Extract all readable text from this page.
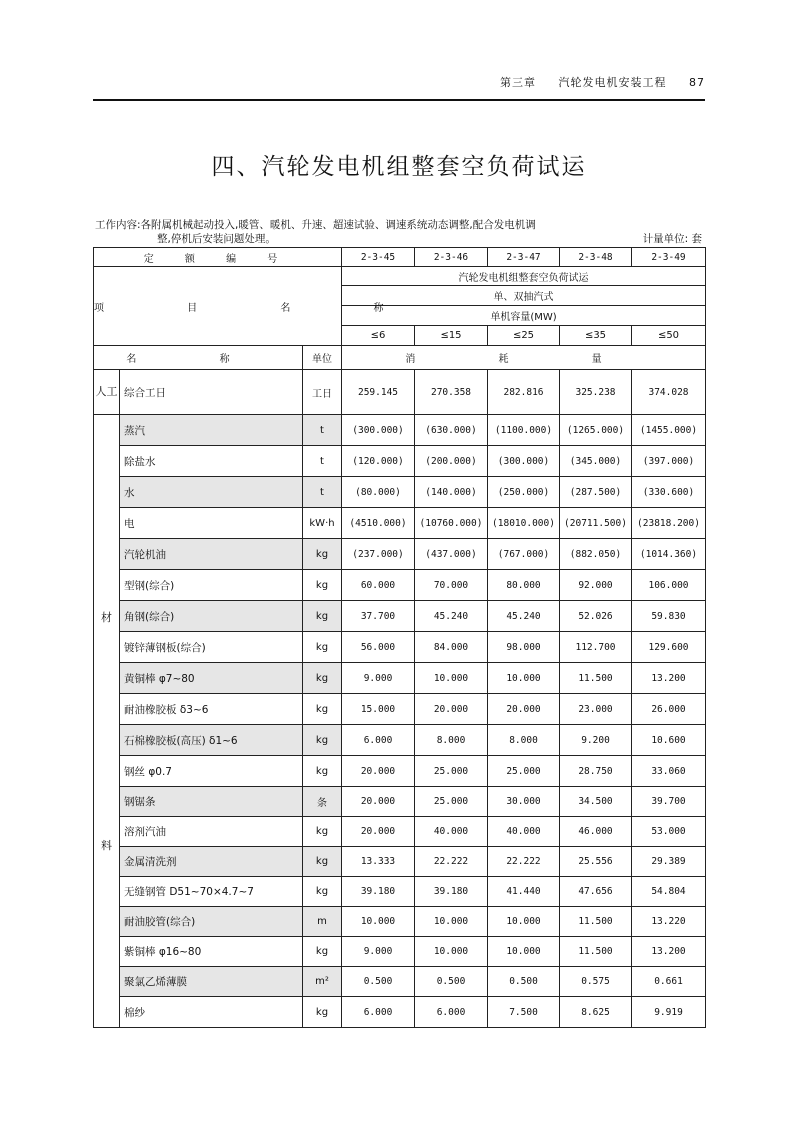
第三章 汽轮发电机安装工程 87
四、汽轮发电机组整套空负荷试运
工作内容:各附属机械起动投入,暖管、暖机、升速、超速试验、调速系统动态调整,配合发电机调
整,停机后安装问题处理。	计量单位: 套
定 额 编 号			2-3-45	2-3-46	2-3-47	2-3-48	2-3-49
项 目 名 称			汽轮发电机组整套空负荷试运				
			单、双抽汽式				
			单机容量(MW)				
			≤6	≤15	≤25	≤35	≤50
名 称		单位	消 耗 量				
人工	综合工日	工日	259.145	270.358	282.816	325.238	374.028

材
料	蒸汽	t	(300.000)	(630.000)	(1100.000)	(1265.000)	(1455.000)
	除盐水	t	(120.000)	(200.000)	(300.000)	(345.000)	(397.000)
	水	t	(80.000)	(140.000)	(250.000)	(287.500)	(330.600)
	电	kW·h	(4510.000)	(10760.000)	(18010.000)	(20711.500)	(23818.200)
	汽轮机油	kg	(237.000)	(437.000)	(767.000)	(882.050)	(1014.360)
	型钢(综合)	kg	60.000	70.000	80.000	92.000	106.000
	角钢(综合)	kg	37.700	45.240	45.240	52.026	59.830
	镀锌薄钢板(综合)	kg	56.000	84.000	98.000	112.700	129.600
	黄铜棒 φ7~80	kg	9.000	10.000	10.000	11.500	13.200
	耐油橡胶板 δ3~6	kg	15.000	20.000	20.000	23.000	26.000
	石棉橡胶板(高压) δ1~6	kg	6.000	8.000	8.000	9.200	10.600
	钢丝 φ0.7	kg	20.000	25.000	25.000	28.750	33.060
	钢锯条	条	20.000	25.000	30.000	34.500	39.700
	溶剂汽油	kg	20.000	40.000	40.000	46.000	53.000
	金属清洗剂	kg	13.333	22.222	22.222	25.556	29.389
	无缝钢管 D51~70×4.7~7	kg	39.180	39.180	41.440	47.656	54.804
	耐油胶管(综合)	m	10.000	10.000	10.000	11.500	13.220
	紫铜棒 φ16~80	kg	9.000	10.000	10.000	11.500	13.200
	聚氯乙烯薄膜	m²	0.500	0.500	0.500	0.575	0.661
	棉纱	kg	6.000	6.000	7.500	8.625	9.919
